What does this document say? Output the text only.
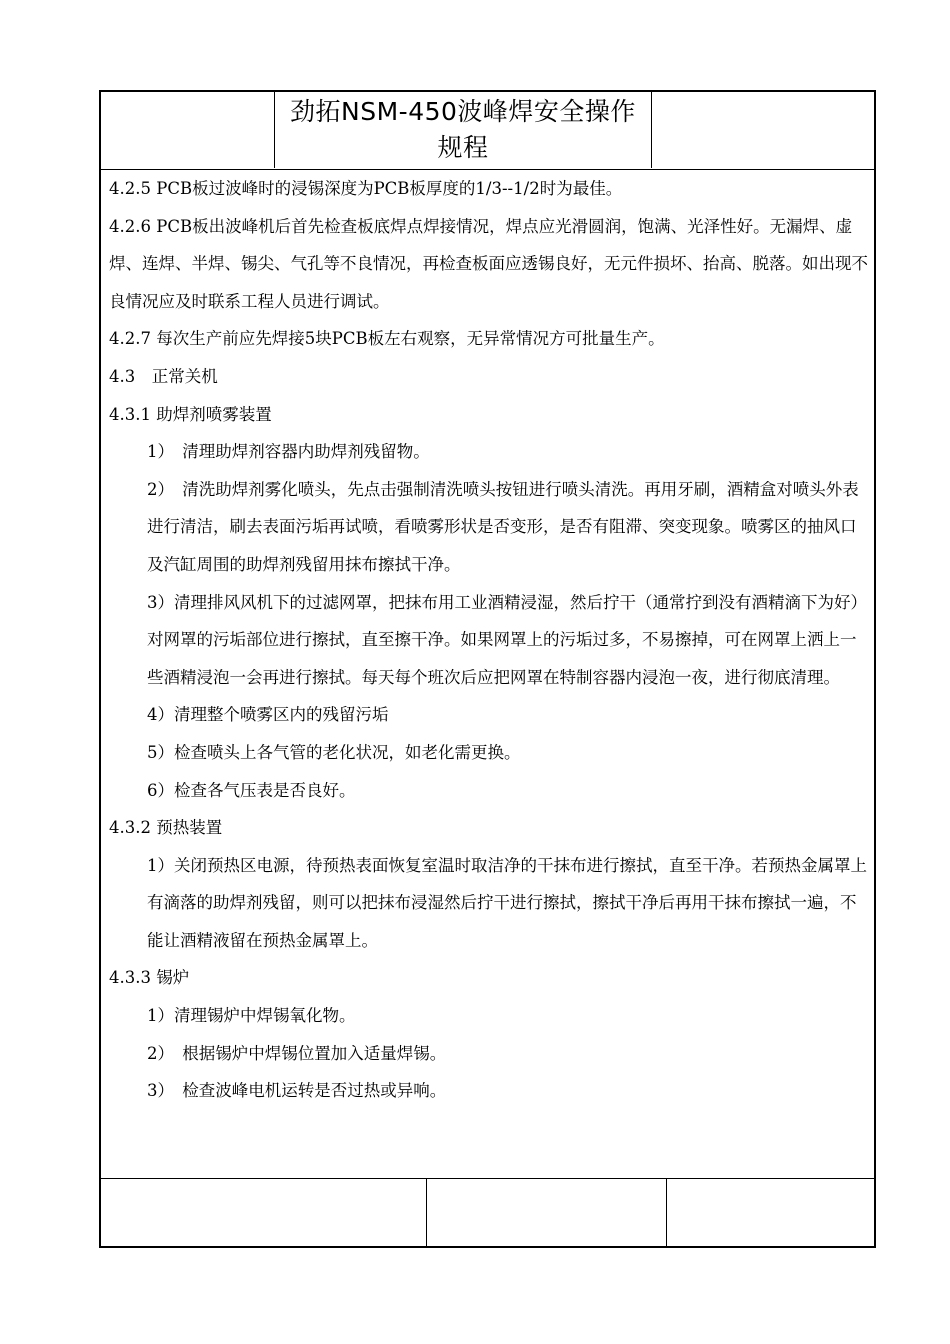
劲拓NSM-450波峰焊安全操作
规程

4.2.5 PCB板过波峰时的浸锡深度为PCB板厚度的1/3--1/2时为最佳。

4.2.6 PCB板出波峰机后首先检查板底焊点焊接情况，焊点应光滑圆润，饱满、光泽性好。无漏焊、虚焊、连焊、半焊、锡尖、气孔等不良情况，再检查板面应透锡良好，无元件损坏、抬高、脱落。如出现不良情况应及时联系工程人员进行调试。

4.2.7 每次生产前应先焊接5块PCB板左右观察，无异常情况方可批量生产。

4.3　正常关机

4.3.1 助焊剂喷雾装置

1）　清理助焊剂容器内助焊剂残留物。

2）　清洗助焊剂雾化喷头，先点击强制清洗喷头按钮进行喷头清洗。再用牙刷，酒精盒对喷头外表进行清洁，刷去表面污垢再试喷，看喷雾形状是否变形，是否有阻滞、突变现象。喷雾区的抽风口及汽缸周围的助焊剂残留用抹布擦拭干净。

3）清理排风风机下的过滤网罩，把抹布用工业酒精浸湿，然后拧干（通常拧到没有酒精滴下为好）对网罩的污垢部位进行擦拭，直至擦干净。如果网罩上的污垢过多，不易擦掉，可在网罩上洒上一些酒精浸泡一会再进行擦拭。每天每个班次后应把网罩在特制容器内浸泡一夜，进行彻底清理。

4）清理整个喷雾区内的残留污垢

5）检查喷头上各气管的老化状况，如老化需更换。

6）检查各气压表是否良好。

4.3.2 预热装置

1）关闭预热区电源，待预热表面恢复室温时取洁净的干抹布进行擦拭，直至干净。若预热金属罩上有滴落的助焊剂残留，则可以把抹布浸湿然后拧干进行擦拭，擦拭干净后再用干抹布擦拭一遍，不能让酒精液留在预热金属罩上。

4.3.3 锡炉

1）清理锡炉中焊锡氧化物。

2）　根据锡炉中焊锡位置加入适量焊锡。

3）　检查波峰电机运转是否过热或异响。
